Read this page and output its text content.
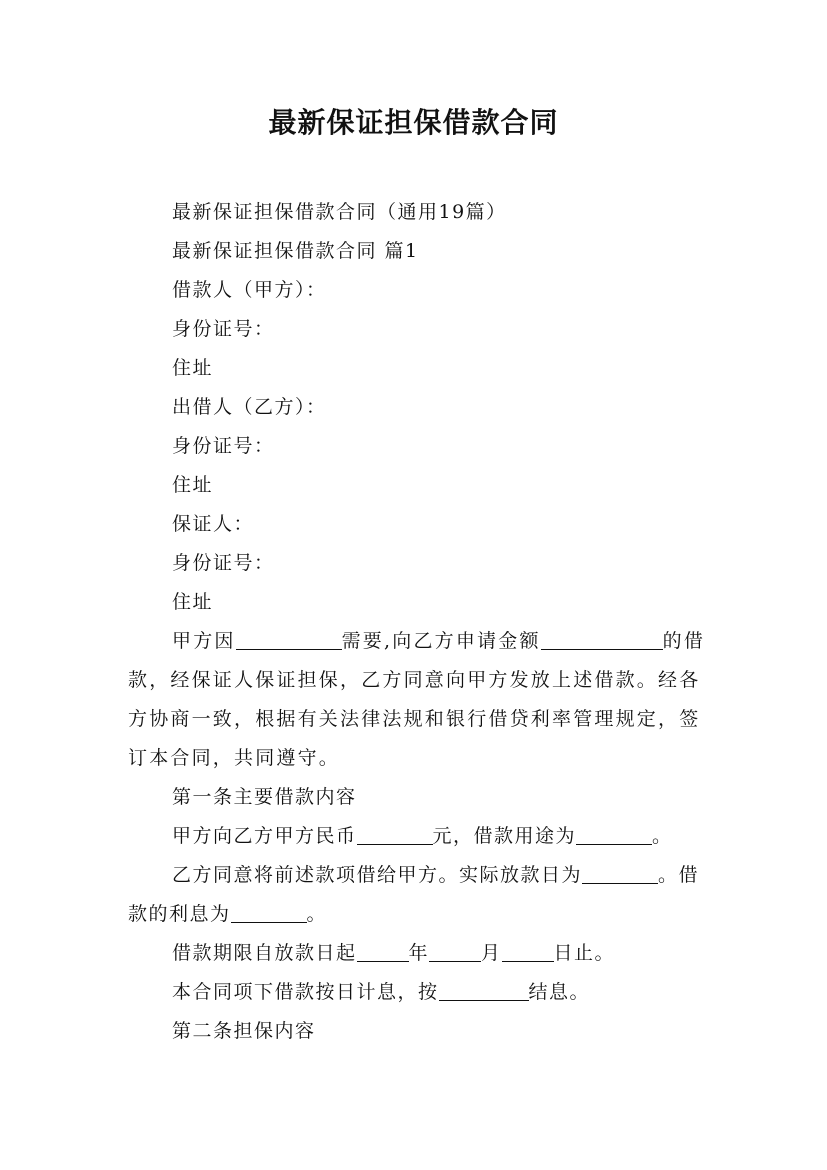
最新保证担保借款合同

最新保证担保借款合同（通用19篇）

最新保证担保借款合同 篇1

借款人（甲方）：

身份证号：

住址

出借人（乙方）：

身份证号：

住址

保证人：

身份证号：

住址

甲方因	需要,向乙方申请金额	的借款，经保证人保证担保，乙方同意向甲方发放上述借款。经各方协商一致，根据有关法律法规和银行借贷利率管理规定，签订本合同，共同遵守。

第一条主要借款内容

甲方向乙方甲方民币	元，借款用途为	。

乙方同意将前述款项借给甲方。实际放款日为	。借款的利息为	。

借款期限自放款日起	年	月	日止。

本合同项下借款按日计息，按	结息。

第二条担保内容
